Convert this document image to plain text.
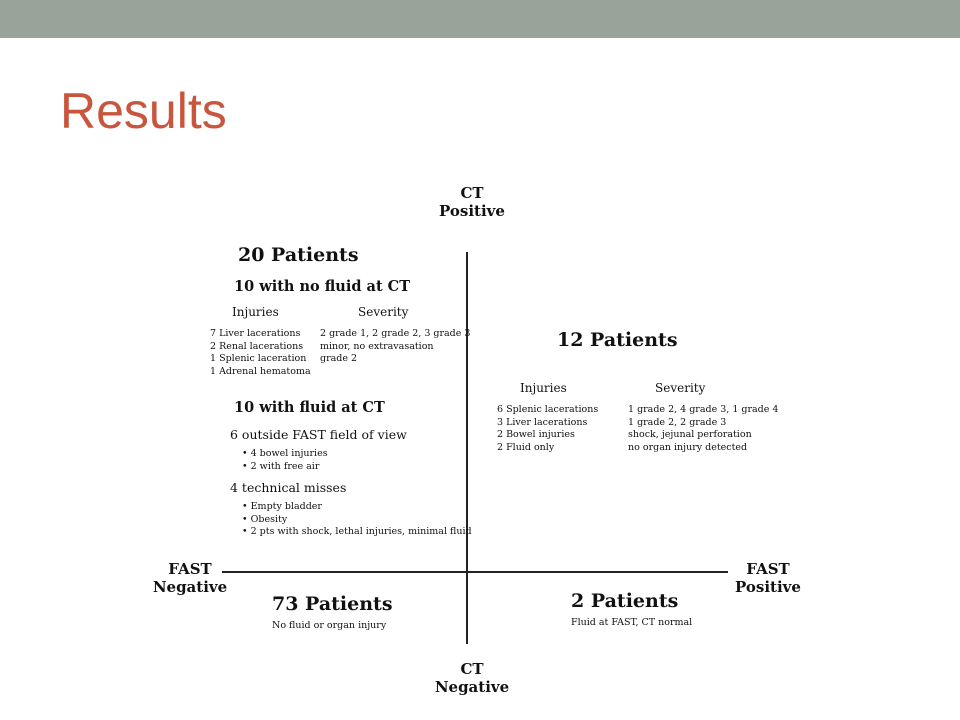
Results
CT
Positive
CT
Negative
FAST
Negative
FAST
Positive
20 Patients
10 with no fluid at CT
Injuries	Severity
7 Liver lacerations
2 Renal lacerations
1 Splenic laceration
1 Adrenal hematoma
2 grade 1, 2 grade 2, 3 grade 3
minor, no extravasation
grade 2
10 with fluid at CT
6 outside FAST field of view
• 4 bowel injuries
• 2 with free air
4 technical misses
• Empty bladder
• Obesity
• 2 pts with shock, lethal injuries, minimal fluid
12 Patients
Injuries	Severity
6 Splenic lacerations
3 Liver lacerations
2 Bowel injuries
2 Fluid only
1 grade 2, 4 grade 3, 1 grade 4
1 grade 2, 2 grade 3
shock, jejunal perforation
no organ injury detected
73 Patients
No fluid or organ injury
2 Patients
Fluid at FAST, CT normal
